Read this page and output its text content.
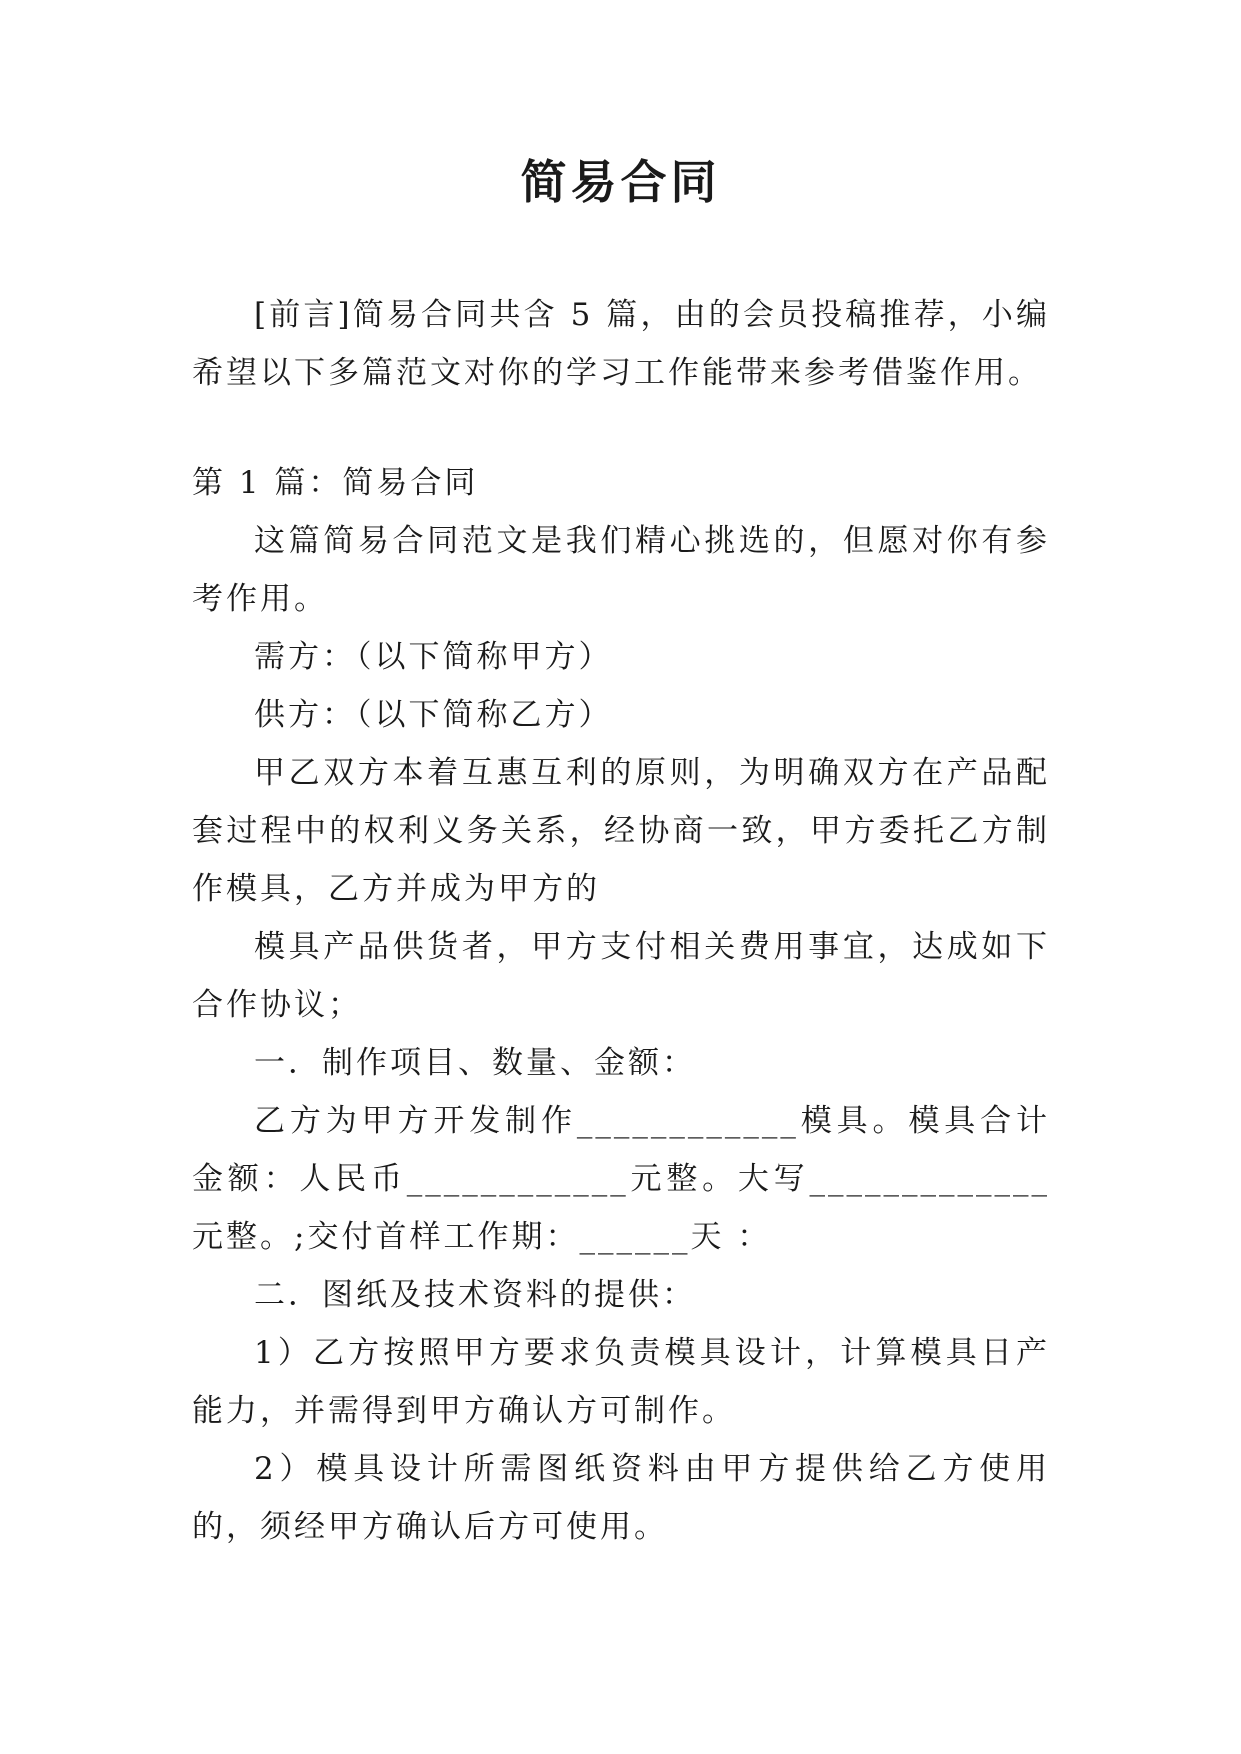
简易合同

[前言]简易合同共含 5 篇，由的会员投稿推荐，小编希望以下多篇范文对你的学习工作能带来参考借鉴作用。

第 1 篇：简易合同

这篇简易合同范文是我们精心挑选的，但愿对你有参考作用。

需方：（以下简称甲方）

供方：（以下简称乙方）

甲乙双方本着互惠互利的原则，为明确双方在产品配套过程中的权利义务关系，经协商一致，甲方委托乙方制作模具，乙方并成为甲方的

模具产品供货者，甲方支付相关费用事宜，达成如下合作协议；

一．制作项目、数量、金额：

乙方为甲方开发制作____________模具。模具合计金额：人民币____________元整。大写_____________元整。;交付首样工作期：______天 ：

二．图纸及技术资料的提供：

1）乙方按照甲方要求负责模具设计，计算模具日产能力，并需得到甲方确认方可制作。

2）模具设计所需图纸资料由甲方提供给乙方使用的，须经甲方确认后方可使用。
